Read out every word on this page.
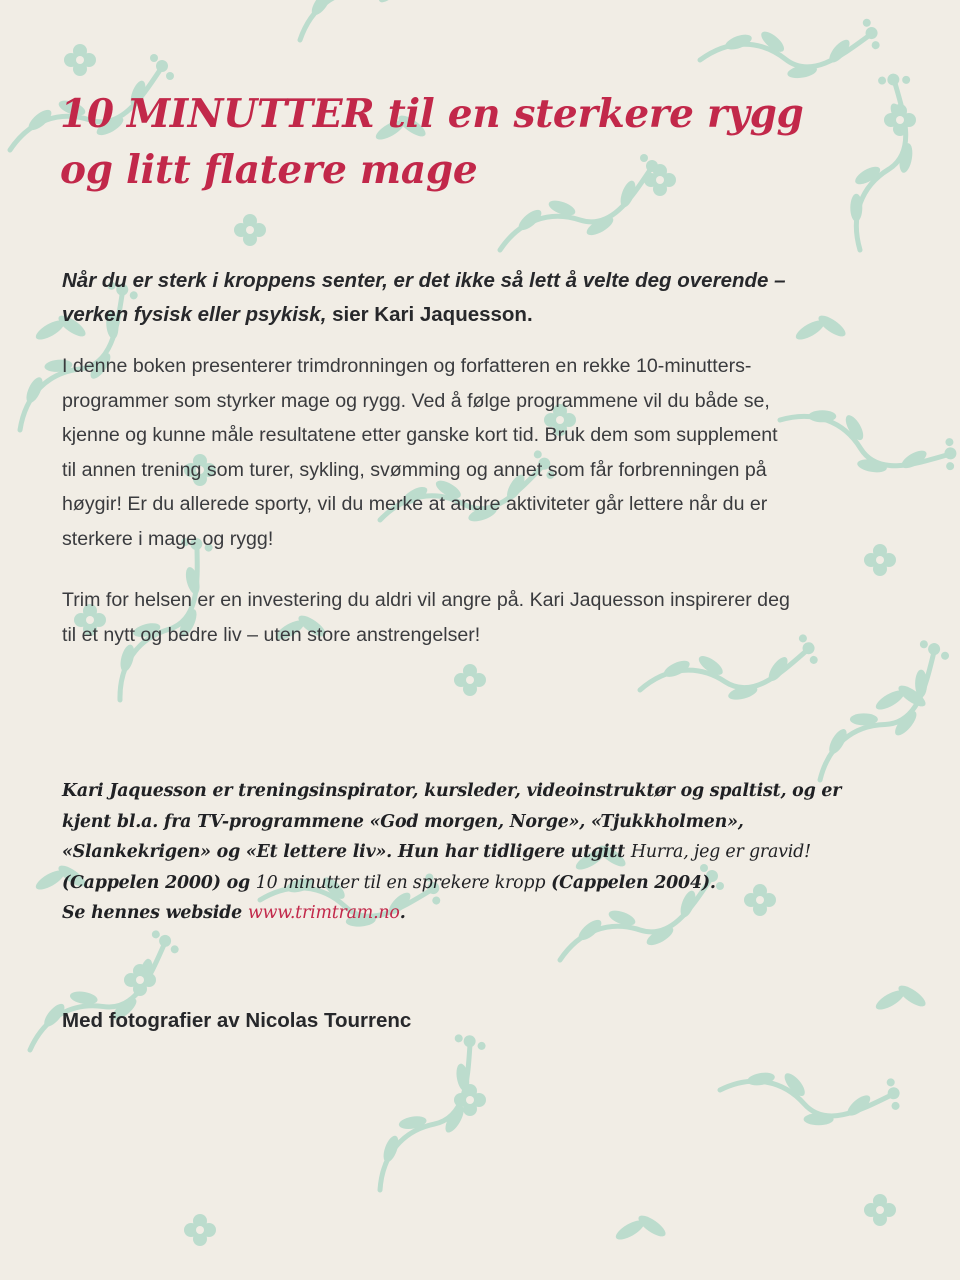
10 MINUTTER til en sterkere rygg
og litt flatere mage

Når du er sterk i kroppens senter, er det ikke så lett å velte deg overende –
verken fysisk eller psykisk, sier Kari Jaquesson.

I denne boken presenterer trimdronningen og forfatteren en rekke 10-minutters-
programmer som styrker mage og rygg. Ved å følge programmene vil du både se,
kjenne og kunne måle resultatene etter ganske kort tid. Bruk dem som supplement
til annen trening som turer, sykling, svømming og annet som får forbrenningen på
høygir! Er du allerede sporty, vil du merke at andre aktiviteter går lettere når du er
sterkere i mage og rygg!

Trim for helsen er en investering du aldri vil angre på. Kari Jaquesson inspirerer deg
til et nytt og bedre liv – uten store anstrengelser!

Kari Jaquesson er treningsinspirator, kursleder, videoinstruktør og spaltist, og er
kjent bl.a. fra TV-programmene «God morgen, Norge», «Tjukkholmen»,
«Slankekrigen» og «Et lettere liv». Hun har tidligere utgitt Hurra, jeg er gravid!
(Cappelen 2000) og 10 minutter til en sprekere kropp (Cappelen 2004).
Se hennes webside www.trimtram.no.

Med fotografier av Nicolas Tourrenc
